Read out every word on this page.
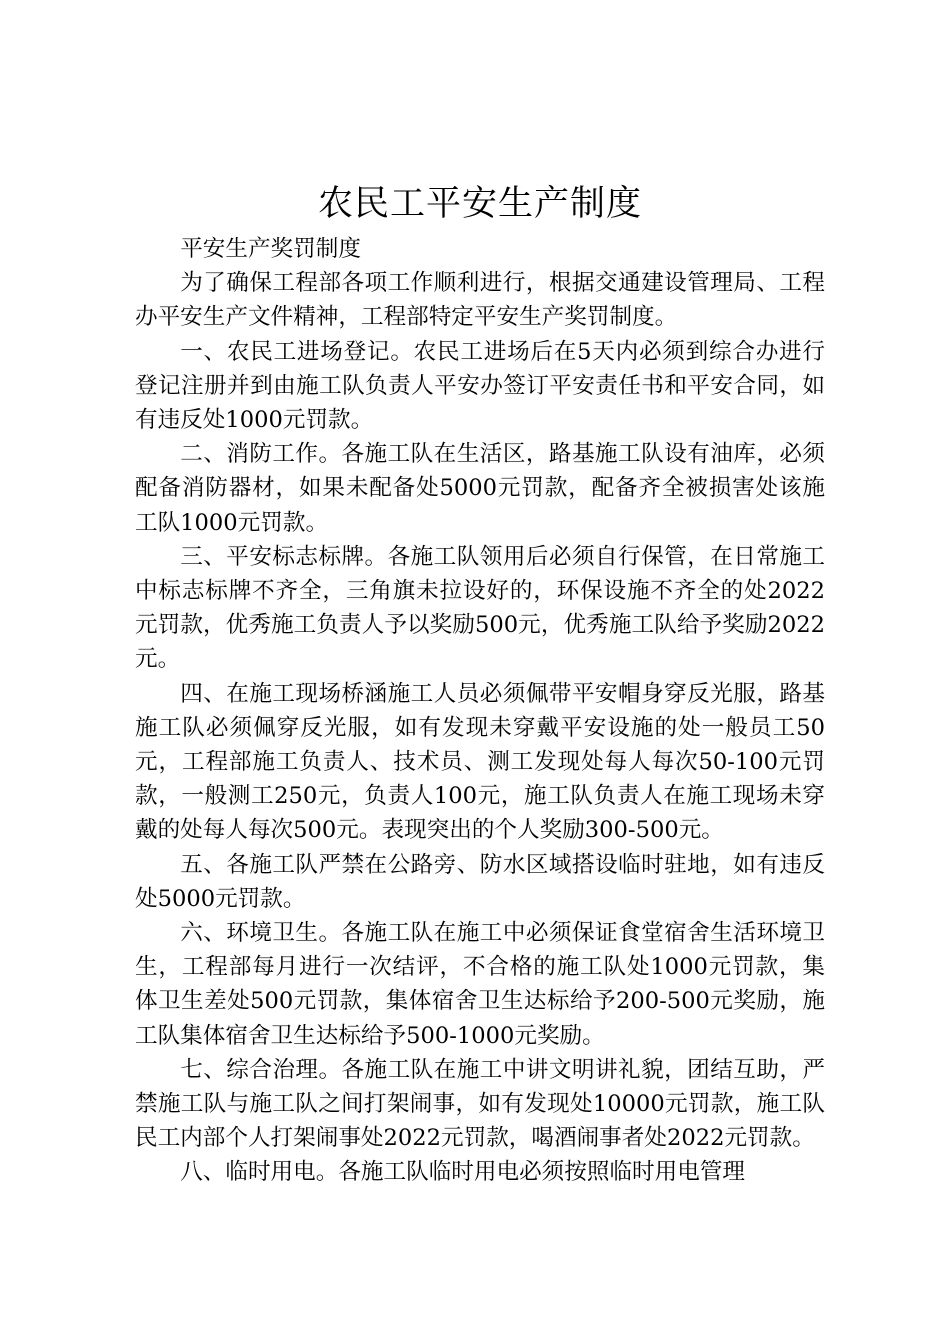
农民工平安生产制度

平安生产奖罚制度

为了确保工程部各项工作顺利进行，根据交通建设管理局、工程办平安生产文件精神，工程部特定平安生产奖罚制度。

一、农民工进场登记。农民工进场后在5天内必须到综合办进行登记注册并到由施工队负责人平安办签订平安责任书和平安合同，如有违反处1000元罚款。

二、消防工作。各施工队在生活区，路基施工队设有油库，必须配备消防器材，如果未配备处5000元罚款，配备齐全被损害处该施工队1000元罚款。

三、平安标志标牌。各施工队领用后必须自行保管，在日常施工中标志标牌不齐全，三角旗未拉设好的，环保设施不齐全的处2022元罚款，优秀施工负责人予以奖励500元，优秀施工队给予奖励2022元。

四、在施工现场桥涵施工人员必须佩带平安帽身穿反光服，路基施工队必须佩穿反光服，如有发现未穿戴平安设施的处一般员工50元，工程部施工负责人、技术员、测工发现处每人每次50-100元罚款，一般测工250元，负责人100元，施工队负责人在施工现场未穿戴的处每人每次500元。表现突出的个人奖励300-500元。

五、各施工队严禁在公路旁、防水区域搭设临时驻地，如有违反处5000元罚款。

六、环境卫生。各施工队在施工中必须保证食堂宿舍生活环境卫生，工程部每月进行一次结评，不合格的施工队处1000元罚款，集体卫生差处500元罚款，集体宿舍卫生达标给予200-500元奖励，施工队集体宿舍卫生达标给予500-1000元奖励。

七、综合治理。各施工队在施工中讲文明讲礼貌，团结互助，严禁施工队与施工队之间打架闹事，如有发现处10000元罚款，施工队民工内部个人打架闹事处2022元罚款，喝酒闹事者处2022元罚款。

八、临时用电。各施工队临时用电必须按照临时用电管理
